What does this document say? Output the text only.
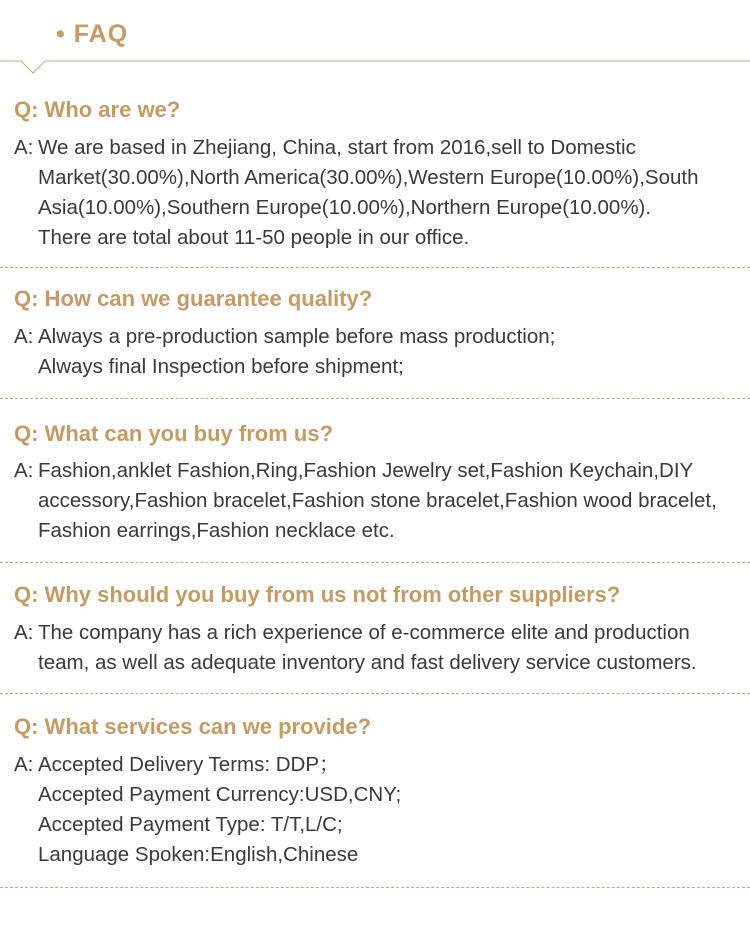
• FAQ
Q: Who are we?
A: We are based in Zhejiang, China, start from 2016,sell to Domestic
Market(30.00%),North America(30.00%),Western Europe(10.00%),South
Asia(10.00%),Southern Europe(10.00%),Northern Europe(10.00%).
There are total about 11-50 people in our office.
Q: How can we guarantee quality?
A: Always a pre-production sample before mass production;
Always final Inspection before shipment;
Q: What can you buy from us?
A: Fashion,anklet Fashion,Ring,Fashion Jewelry set,Fashion Keychain,DIY
accessory,Fashion bracelet,Fashion stone bracelet,Fashion wood bracelet,
Fashion earrings,Fashion necklace etc.
Q: Why should you buy from us not from other suppliers?
A: The company has a rich experience of e-commerce elite and production
team, as well as adequate inventory and fast delivery service customers.
Q: What services can we provide?
A: Accepted Delivery Terms: DDP；
Accepted Payment Currency:USD,CNY;
Accepted Payment Type: T/T,L/C;
Language Spoken:English,Chinese
